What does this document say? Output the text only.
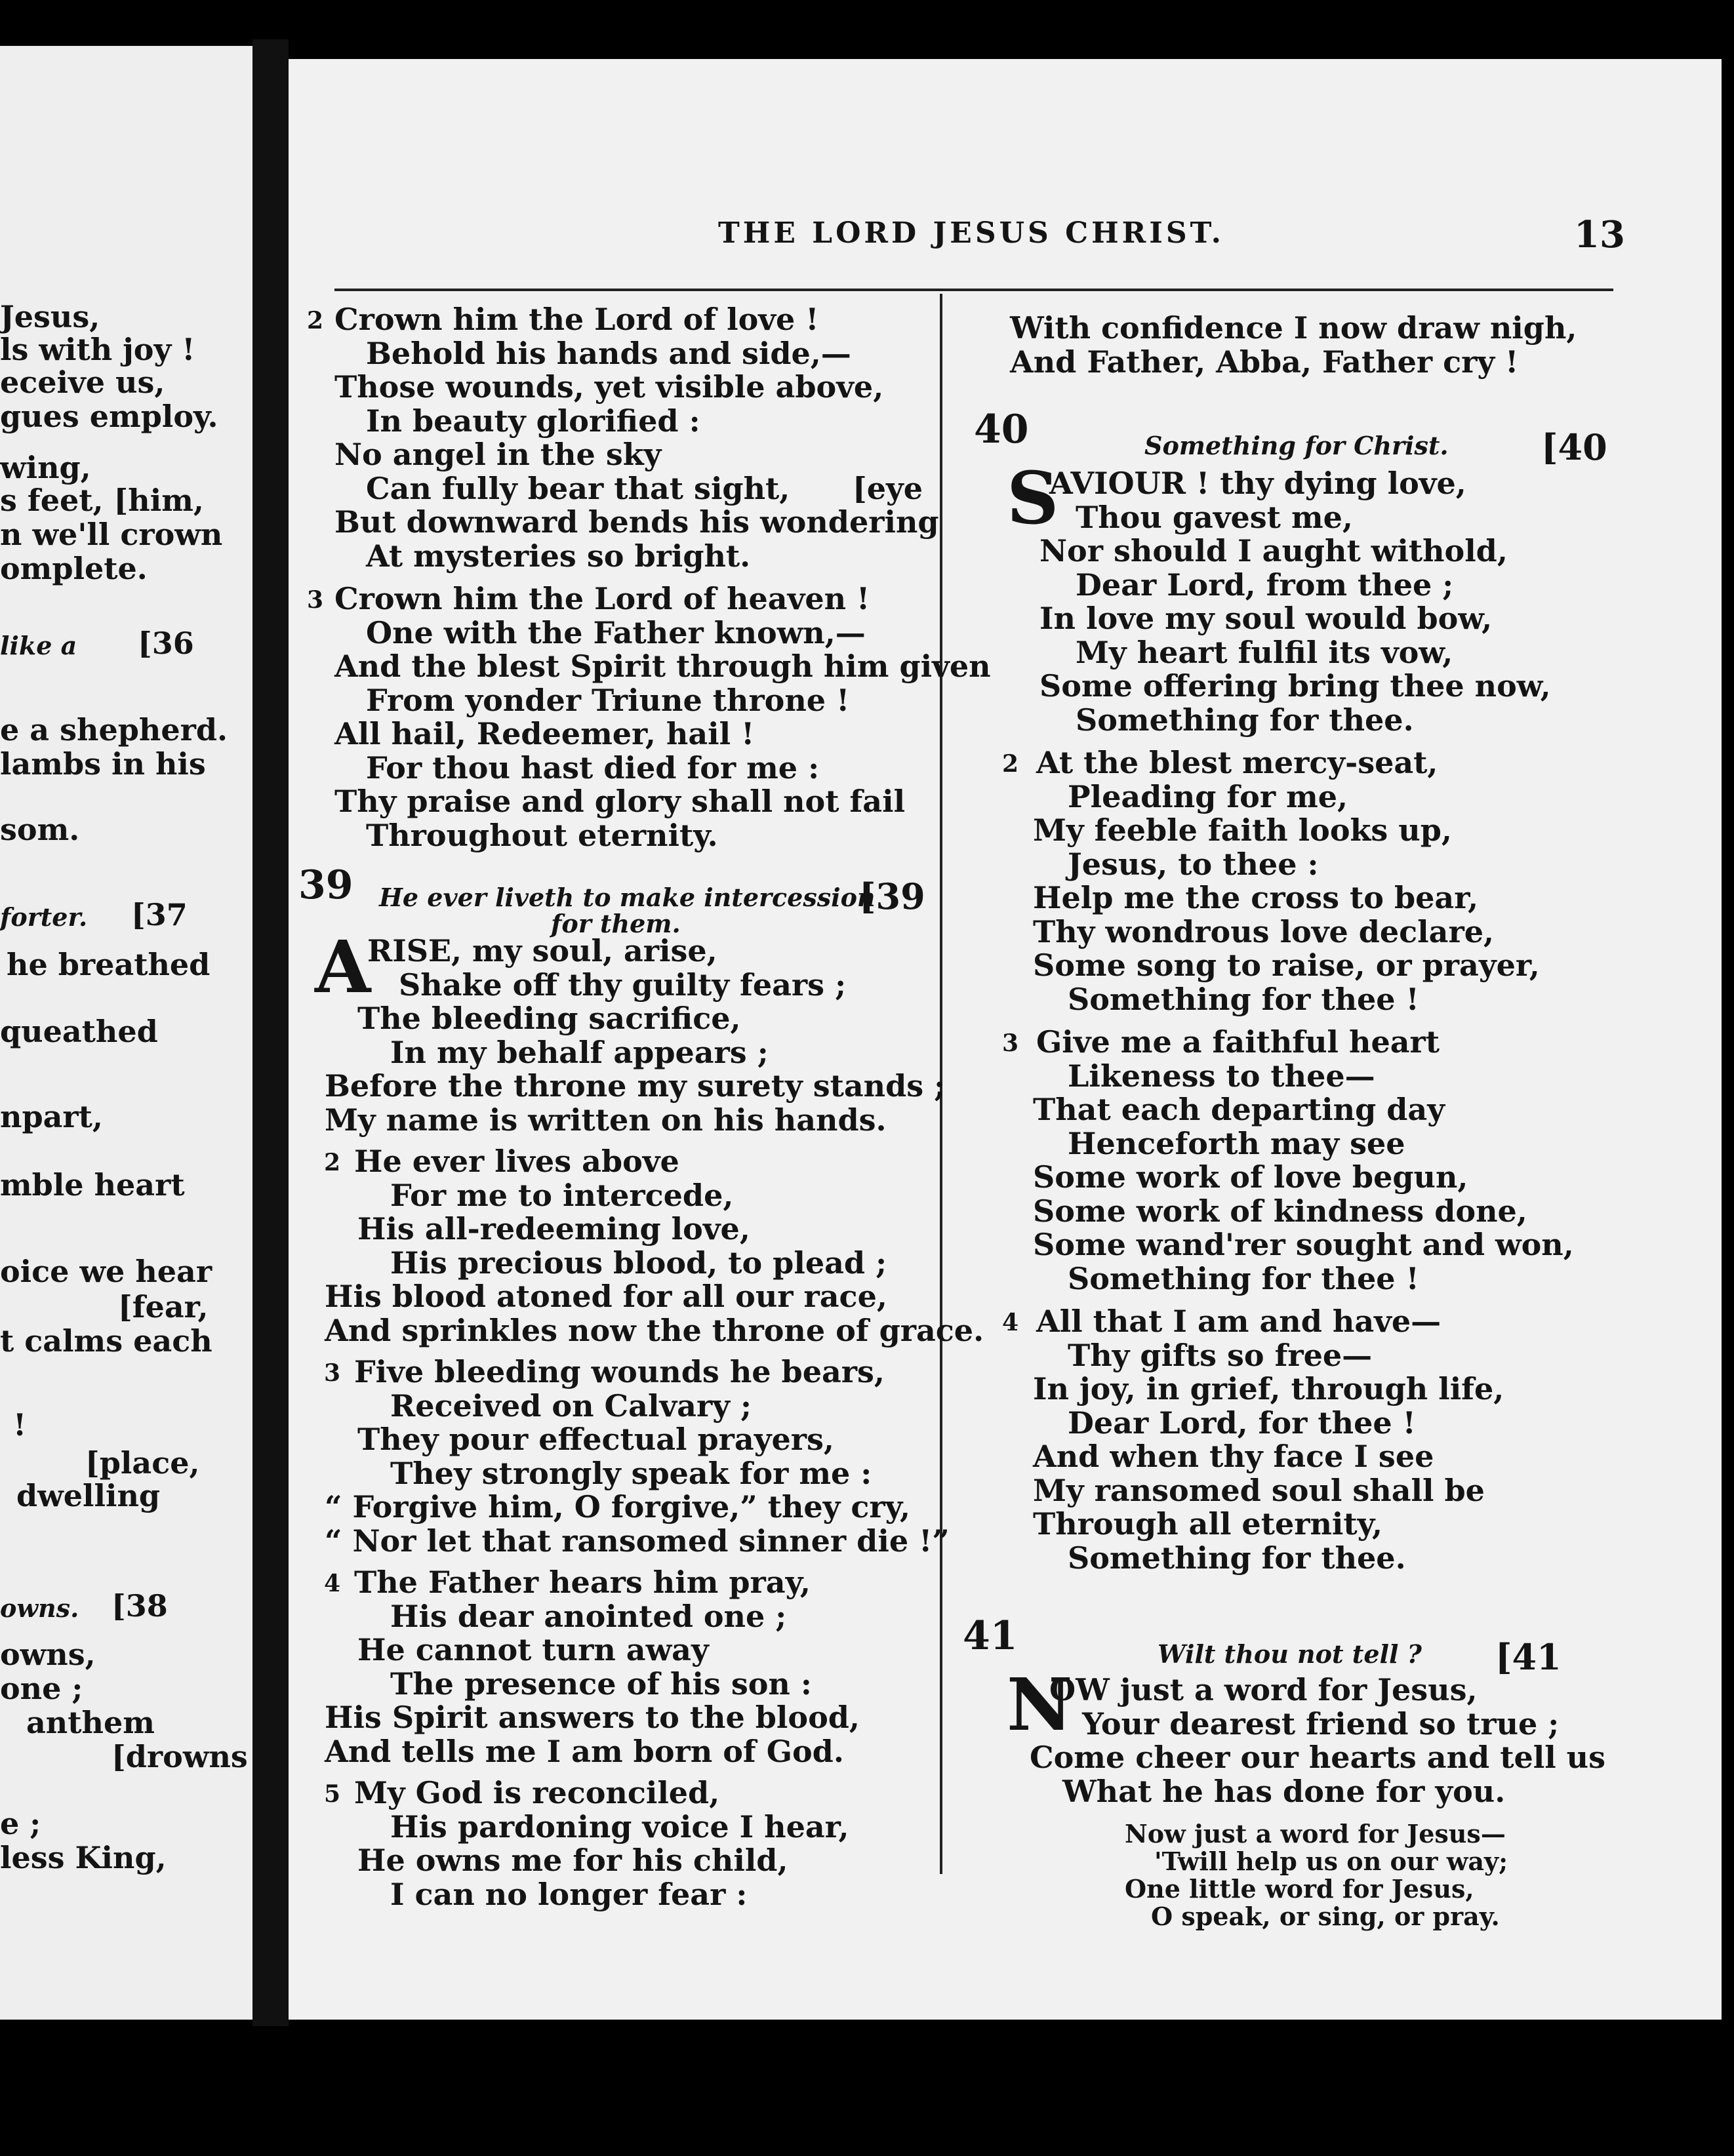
Jesus,
ls with joy !
eceive us,
gues employ.
wing,
s feet, [him,
n we'll crown
omplete.
like a [36
e a shepherd.
lambs in his
som.
forter. [37
he breathed
queathed
npart,
mble heart
oice we hear
[fear,
t calms each
!
[place,
dwelling
owns. [38
owns,
one ;
anthem
[drowns
e ;
less King,
THE LORD JESUS CHRIST.	13
39 He ever liveth to make intercession
for them.
[39
A
40	Something for Christ.	[40
S
41	Wilt thou not tell ? [41
N
2 Crown him the Lord of love !
Behold his hands and side,—
Those wounds, yet visible above,
In beauty glorified :
No angel in the sky
Can fully bear that sight,
But downward bends his wondering
At mysteries so bright.
[eye
3 Crown him the Lord of heaven !
One with the Father known,—
And the blest Spirit through him given
From yonder Triune throne !
All hail, Redeemer, hail !
For thou hast died for me :
Thy praise and glory shall not fail
Throughout eternity.
RISE, my soul, arise,
Shake off thy guilty fears ;
The bleeding sacrifice,
In my behalf appears ;
Before the throne my surety stands ;
My name is written on his hands.
2 He ever lives above
For me to intercede,
His all-redeeming love,
His precious blood, to plead ;
His blood atoned for all our race,
And sprinkles now the throne of grace.
3 Five bleeding wounds he bears,
Received on Calvary ;
They pour effectual prayers,
They strongly speak for me :
“ Forgive him, O forgive,” they cry,
“ Nor let that ransomed sinner die !”
4 The Father hears him pray,
His dear anointed one ;
He cannot turn away
The presence of his son :
His Spirit answers to the blood,
And tells me I am born of God.
5 My God is reconciled,
His pardoning voice I hear,
He owns me for his child,
I can no longer fear :
With confidence I now draw nigh,
And Father, Abba, Father cry !
AVIOUR ! thy dying love,
Thou gavest me,
Nor should I aught withold,
Dear Lord, from thee ;
In love my soul would bow,
My heart fulfil its vow,
Some offering bring thee now,
Something for thee.
2 At the blest mercy-seat,
Pleading for me,
My feeble faith looks up,
Jesus, to thee :
Help me the cross to bear,
Thy wondrous love declare,
Some song to raise, or prayer,
Something for thee !
3 Give me a faithful heart
Likeness to thee—
That each departing day
Henceforth may see
Some work of love begun,
Some work of kindness done,
Some wand'rer sought and won,
Something for thee !
4 All that I am and have—
Thy gifts so free—
In joy, in grief, through life,
Dear Lord, for thee !
And when thy face I see
My ransomed soul shall be
Through all eternity,
Something for thee.
OW just a word for Jesus,
Your dearest friend so true ;
Come cheer our hearts and tell us
What he has done for you.
Now just a word for Jesus—
'Twill help us on our way;
One little word for Jesus,
O speak, or sing, or pray.
